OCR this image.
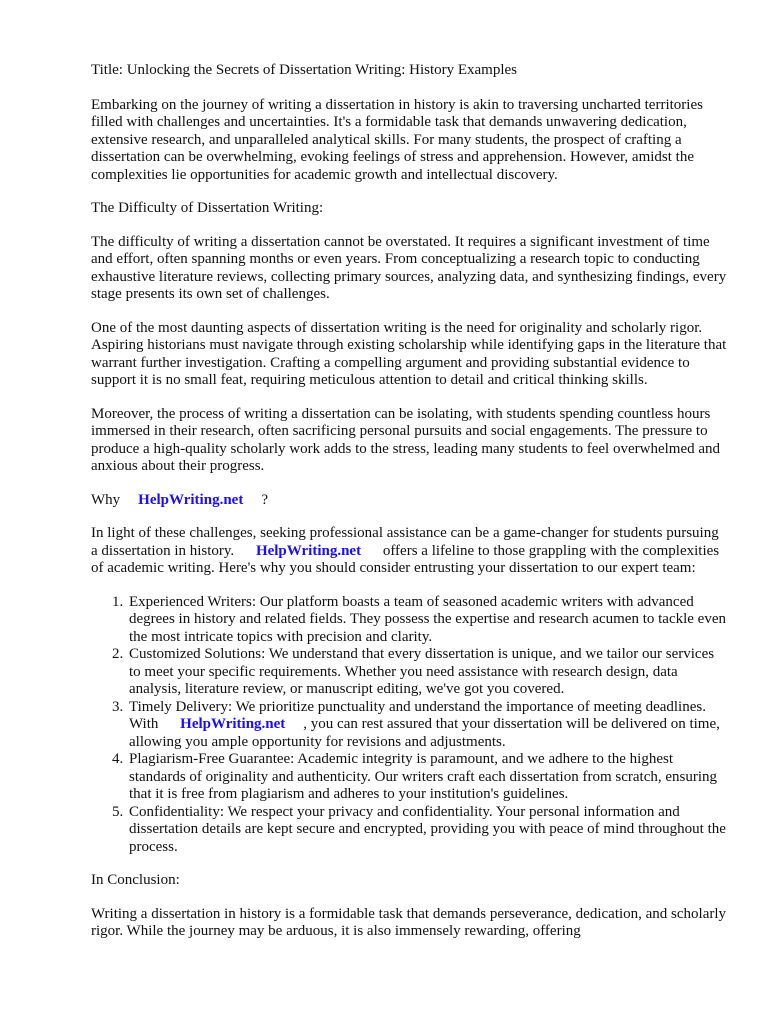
Title: Unlocking the Secrets of Dissertation Writing: History Examples

Embarking on the journey of writing a dissertation in history is akin to traversing uncharted territories filled with challenges and uncertainties. It's a formidable task that demands unwavering dedication, extensive research, and unparalleled analytical skills. For many students, the prospect of crafting a dissertation can be overwhelming, evoking feelings of stress and apprehension. However, amidst the complexities lie opportunities for academic growth and intellectual discovery.

The Difficulty of Dissertation Writing:

The difficulty of writing a dissertation cannot be overstated. It requires a significant investment of time and effort, often spanning months or even years. From conceptualizing a research topic to conducting exhaustive literature reviews, collecting primary sources, analyzing data, and synthesizing findings, every stage presents its own set of challenges.

One of the most daunting aspects of dissertation writing is the need for originality and scholarly rigor. Aspiring historians must navigate through existing scholarship while identifying gaps in the literature that warrant further investigation. Crafting a compelling argument and providing substantial evidence to support it is no small feat, requiring meticulous attention to detail and critical thinking skills.

Moreover, the process of writing a dissertation can be isolating, with students spending countless hours immersed in their research, often sacrificing personal pursuits and social engagements. The pressure to produce a high-quality scholarly work adds to the stress, leading many students to feel overwhelmed and anxious about their progress.

Why HelpWriting.net ?

In light of these challenges, seeking professional assistance can be a game-changer for students pursuing a dissertation in history. HelpWriting.net offers a lifeline to those grappling with the complexities of academic writing. Here's why you should consider entrusting your dissertation to our expert team:

1. Experienced Writers: Our platform boasts a team of seasoned academic writers with advanced degrees in history and related fields. They possess the expertise and research acumen to tackle even the most intricate topics with precision and clarity.
2. Customized Solutions: We understand that every dissertation is unique, and we tailor our services to meet your specific requirements. Whether you need assistance with research design, data analysis, literature review, or manuscript editing, we've got you covered.
3. Timely Delivery: We prioritize punctuality and understand the importance of meeting deadlines. With HelpWriting.net , you can rest assured that your dissertation will be delivered on time, allowing you ample opportunity for revisions and adjustments.
4. Plagiarism-Free Guarantee: Academic integrity is paramount, and we adhere to the highest standards of originality and authenticity. Our writers craft each dissertation from scratch, ensuring that it is free from plagiarism and adheres to your institution's guidelines.
5. Confidentiality: We respect your privacy and confidentiality. Your personal information and dissertation details are kept secure and encrypted, providing you with peace of mind throughout the process.

In Conclusion:

Writing a dissertation in history is a formidable task that demands perseverance, dedication, and scholarly rigor. While the journey may be arduous, it is also immensely rewarding, offering
